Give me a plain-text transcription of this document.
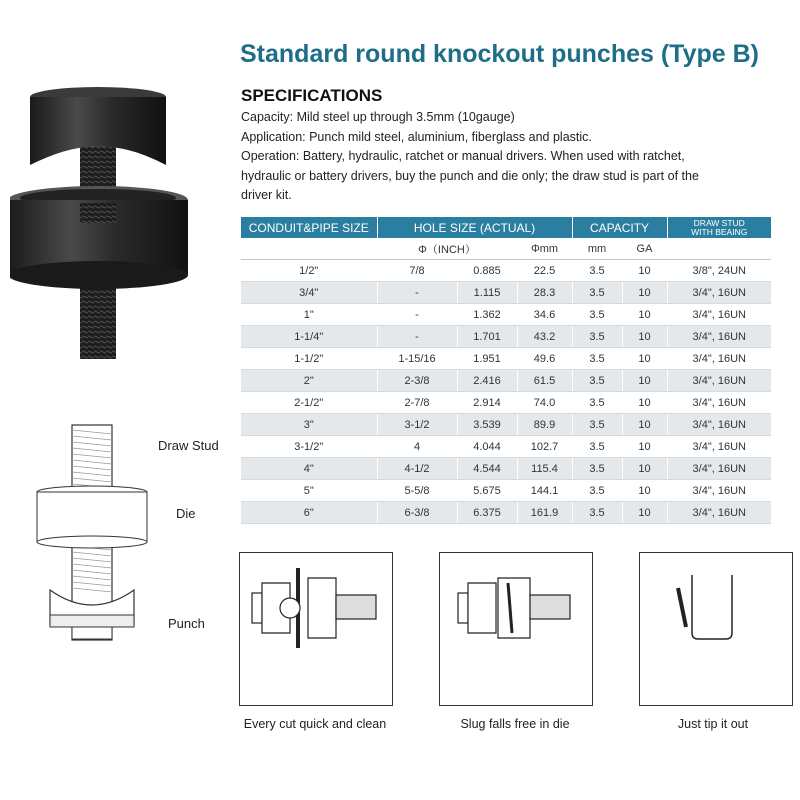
Standard round knockout punches (Type B)
SPECIFICATIONS

Capacity: Mild steel up through 3.5mm (10gauge)

Application: Punch mild steel, aluminium, fiberglass and plastic.

Operation: Battery, hydraulic, ratchet or manual drivers. When used with ratchet, hydraulic or battery drivers, buy the punch and die only; the draw stud is part of the driver kit.

Draw Stud
Die
Punch
CONDUIT&PIPE SIZE	HOLE SIZE (ACTUAL)			CAPACITY		DRAW STUD
WITH BEAING
	Φ（INCH）		Φmm	mm	GA	
1/2"	7/8	0.885	22.5	3.5	10	3/8", 24UN
3/4"	-	1.115	28.3	3.5	10	3/4", 16UN
1"	-	1.362	34.6	3.5	10	3/4", 16UN
1-1/4"	-	1.701	43.2	3.5	10	3/4", 16UN
1-1/2"	1-15/16	1.951	49.6	3.5	10	3/4", 16UN
2"	2-3/8	2.416	61.5	3.5	10	3/4", 16UN
2-1/2"	2-7/8	2.914	74.0	3.5	10	3/4", 16UN
3"	3-1/2	3.539	89.9	3.5	10	3/4", 16UN
3-1/2"	4	4.044	102.7	3.5	10	3/4", 16UN
4"	4-1/2	4.544	115.4	3.5	10	3/4", 16UN
5"	5-5/8	5.675	144.1	3.5	10	3/4", 16UN
6"	6-3/8	6.375	161.9	3.5	10	3/4", 16UN
Every cut quick and clean	Slug falls free in die	Just tip it out
